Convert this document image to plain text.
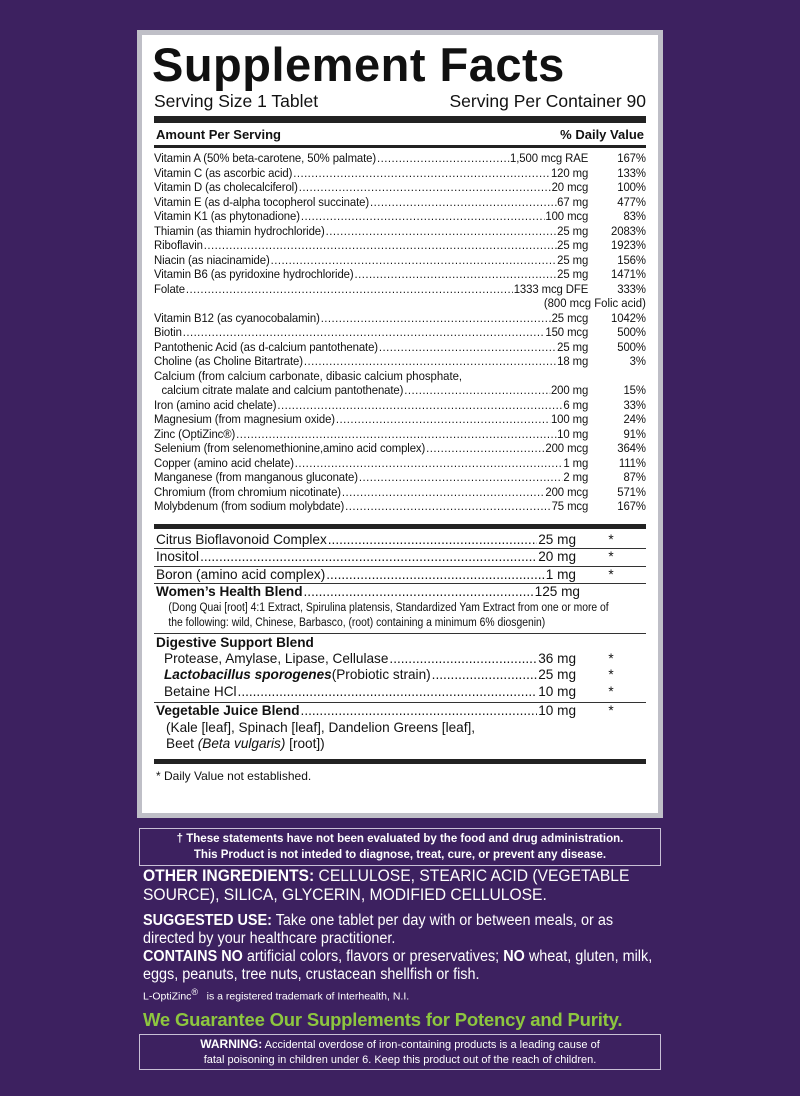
Supplement Facts
Serving Size 1 Tablet	Serving Per Container 90
Amount Per Serving	% Daily Value
Vitamin A (50% beta-carotene, 50% palmate) .....	1,500 mcg RAE	167%
Vitamin C (as ascorbic acid) .....	120 mg	133%
Vitamin D (as cholecalciferol) .....	20 mcg	100%
Vitamin E (as d-alpha tocopherol succinate) .....	67 mg	477%
Vitamin K1 (as phytonadione) .....	100 mcg	83%
Thiamin (as thiamin hydrochloride) .....	25 mg	2083%
Riboflavin .....	25 mg	1923%
Niacin (as niacinamide) .....	25 mg	156%
Vitamin B6 (as pyridoxine hydrochloride) .....	25 mg	1471%
Folate .....	1333 mcg DFE	333%
(800 mcg Folic acid)
Vitamin B12 (as cyanocobalamin) .....	25 mcg	1042%
Biotin .....	150 mcg	500%
Pantothenic Acid (as d-calcium pantothenate) .....	25 mg	500%
Choline (as Choline Bitartrate) .....	18 mg	3%
Calcium (from calcium carbonate, dibasic calcium phosphate,
calcium citrate malate and calcium pantothenate) .....	200 mg	15%
Iron (amino acid chelate) .....	6 mg	33%
Magnesium (from magnesium oxide) .....	100 mg	24%
Zinc (OptiZinc®) .....	10 mg	91%
Selenium (from selenomethionine,amino acid complex) .....	200 mcg	364%
Copper (amino acid chelate) .....	1 mg	111%
Manganese (from manganous gluconate) .....	2 mg	87%
Chromium (from chromium nicotinate) .....	200 mcg	571%
Molybdenum (from sodium molybdate) .....	75 mcg	167%
Citrus Bioflavonoid Complex .....	25 mg	*
Inositol .....	20 mg	*
Boron (amino acid complex) .....	1 mg	*
Women’s Health Blend .....	125 mg
(Dong Quai [root] 4:1 Extract, Spirulina platensis, Standardized Yam Extract from one or more of
the following: wild, Chinese, Barbasco, (root) containing a minimum 6% diosgenin)
Digestive Support Blend
Protease, Amylase, Lipase, Cellulase .....	36 mg	*
Lactobacillus sporogenes(Probiotic strain) .....	25 mg	*
Betaine HCl .....	10 mg	*
Vegetable Juice Blend .....	10 mg	*
(Kale [leaf], Spinach [leaf], Dandelion Greens [leaf],
Beet (Beta vulgaris) [root])
* Daily Value not established.
† These statements have not been evaluated by the food and drug administration.
This Product is not inteded to diagnose, treat, cure, or prevent any disease.

OTHER INGREDIENTS: CELLULOSE, STEARIC ACID (VEGETABLE SOURCE), SILICA, GLYCERIN, MODIFIED CELLULOSE.

SUGGESTED USE: Take one tablet per day with or between meals, or as directed by your healthcare practitioner.

CONTAINS NO artificial colors, flavors or preservatives; NO wheat, gluten, milk, eggs, peanuts, tree nuts, crustacean shellfish or fish.

L-OptiZinc®   is a registered trademark of Interhealth, N.I.

We Guarantee Our Supplements for Potency and Purity.
WARNING: Accidental overdose of iron-containing products is a leading cause of
fatal poisoning in children under 6. Keep this product out of the reach of children.
